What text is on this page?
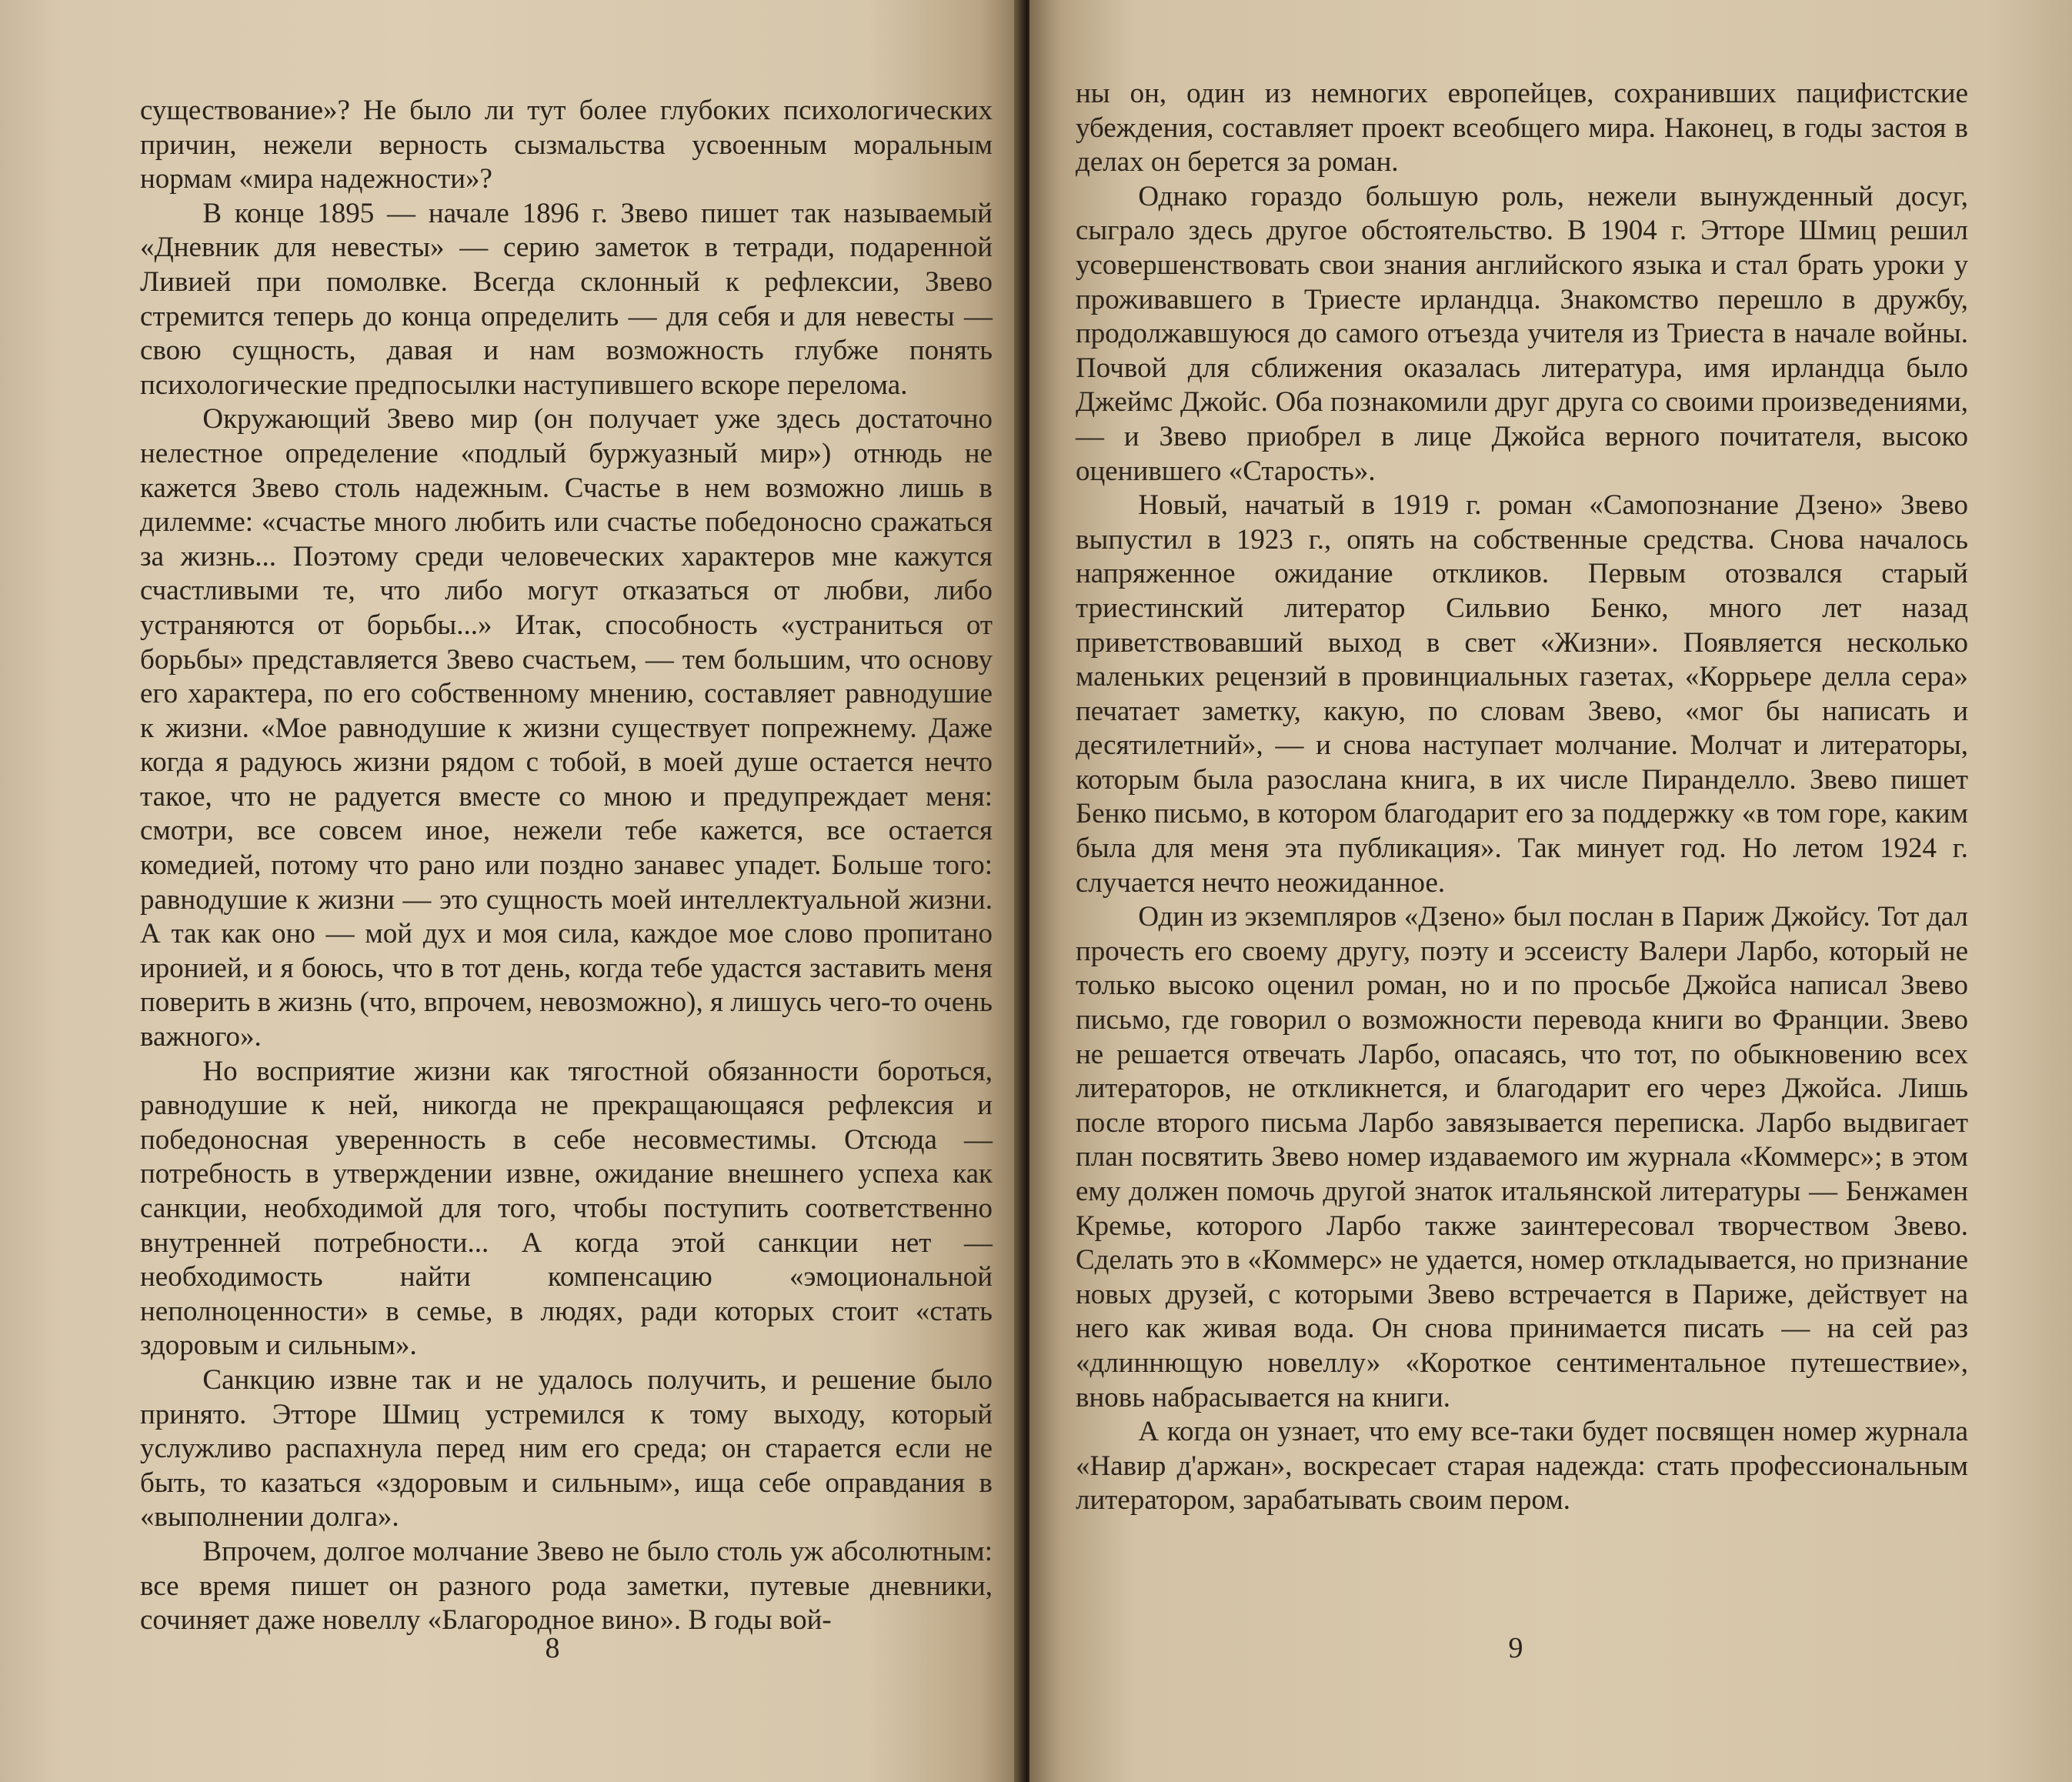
существование»? Не было ли тут более глубоких психологических причин, нежели верность сызмальства усвоенным моральным нормам «мира надежности»?

В конце 1895 — начале 1896 г. Звево пишет так называемый «Дневник для невесты» — серию заметок в тетради, подаренной Ливией при помолвке. Всегда склонный к рефлексии, Звево стремится теперь до конца определить — для себя и для невесты — свою сущность, давая и нам возможность глубже понять психологические предпосылки наступившего вскоре перелома.

Окружающий Звево мир (он получает уже здесь достаточно нелестное определение «подлый буржуазный мир») отнюдь не кажется Звево столь надежным. Счастье в нем возможно лишь в дилемме: «счастье много любить или счастье победоносно сражаться за жизнь... Поэтому среди человеческих характеров мне кажутся счастливыми те, что либо могут отказаться от любви, либо устраняются от борьбы...» Итак, способность «устраниться от борьбы» представляется Звево счастьем, — тем большим, что основу его характера, по его собственному мнению, составляет равнодушие к жизни. «Мое равнодушие к жизни существует попрежнему. Даже когда я радуюсь жизни рядом с тобой, в моей душе остается нечто такое, что не радуется вместе со мною и предупреждает меня: смотри, все совсем иное, нежели тебе кажется, все остается комедией, потому что рано или поздно занавес упадет. Больше того: равнодушие к жизни — это сущность моей интеллектуальной жизни. А так как оно — мой дух и моя сила, каждое мое слово пропитано иронией, и я боюсь, что в тот день, когда тебе удастся заставить меня поверить в жизнь (что, впрочем, невозможно), я лишусь чего-то очень важного».

Но восприятие жизни как тягостной обязанности бороться, равнодушие к ней, никогда не прекращающаяся рефлексия и победоносная уверенность в себе несовместимы. Отсюда — потребность в утверждении извне, ожидание внешнего успеха как санкции, необходимой для того, чтобы поступить соответственно внутренней потребности... А когда этой санкции нет — необходимость найти компенсацию «эмоциональной неполноценности» в семье, в людях, ради которых стоит «стать здоровым и сильным».

Санкцию извне так и не удалось получить, и решение было принято. Этторе Шмиц устремился к тому выходу, который услужливо распахнула перед ним его среда; он старается если не быть, то казаться «здоровым и сильным», ища себе оправдания в «выполнении долга».

Впрочем, долгое молчание Звево не было столь уж абсолютным: все время пишет он разного рода заметки, путевые дневники, сочиняет даже новеллу «Благородное вино». В годы вой-

8

ны он, один из немногих европейцев, сохранивших пацифистские убеждения, составляет проект всеобщего мира. Наконец, в годы застоя в делах он берется за роман.

Однако гораздо большую роль, нежели вынужденный досуг, сыграло здесь другое обстоятельство. В 1904 г. Этторе Шмиц решил усовершенствовать свои знания английского языка и стал брать уроки у проживавшего в Триесте ирландца. Знакомство перешло в дружбу, продолжавшуюся до самого отъезда учителя из Триеста в начале войны. Почвой для сближения оказалась литература, имя ирландца было Джеймс Джойс. Оба познакомили друг друга со своими произведениями, — и Звево приобрел в лице Джойса верного почитателя, высоко оценившего «Старость».

Новый, начатый в 1919 г. роман «Самопознание Дзено» Звево выпустил в 1923 г., опять на собственные средства. Снова началось напряженное ожидание откликов. Первым отозвался старый триестинский литератор Сильвио Бенко, много лет назад приветствовавший выход в свет «Жизни». Появляется несколько маленьких рецензий в провинциальных газетах, «Коррьере делла сера» печатает заметку, какую, по словам Звево, «мог бы написать и десятилетний», — и снова наступает молчание. Молчат и литераторы, которым была разослана книга, в их числе Пиранделло. Звево пишет Бенко письмо, в котором благодарит его за поддержку «в том горе, каким была для меня эта публикация». Так минует год. Но летом 1924 г. случается нечто неожиданное.

Один из экземпляров «Дзено» был послан в Париж Джойсу. Тот дал прочесть его своему другу, поэту и эссеисту Валери Ларбо, который не только высоко оценил роман, но и по просьбе Джойса написал Звево письмо, где говорил о возможности перевода книги во Франции. Звево не решается отвечать Ларбо, опасаясь, что тот, по обыкновению всех литераторов, не откликнется, и благодарит его через Джойса. Лишь после второго письма Ларбо завязывается переписка. Ларбо выдвигает план посвятить Звево номер издаваемого им журнала «Коммерс»; в этом ему должен помочь другой знаток итальянской литературы — Бенжамен Кремье, которого Ларбо также заинтересовал творчеством Звево. Сделать это в «Коммерс» не удается, номер откладывается, но признание новых друзей, с которыми Звево встречается в Париже, действует на него как живая вода. Он снова принимается писать — на сей раз «длиннющую новеллу» «Короткое сентиментальное путешествие», вновь набрасывается на книги.

А когда он узнает, что ему все-таки будет посвящен номер журнала «Навир д'аржан», воскресает старая надежда: стать профессиональным литератором, зарабатывать своим пером.

9
